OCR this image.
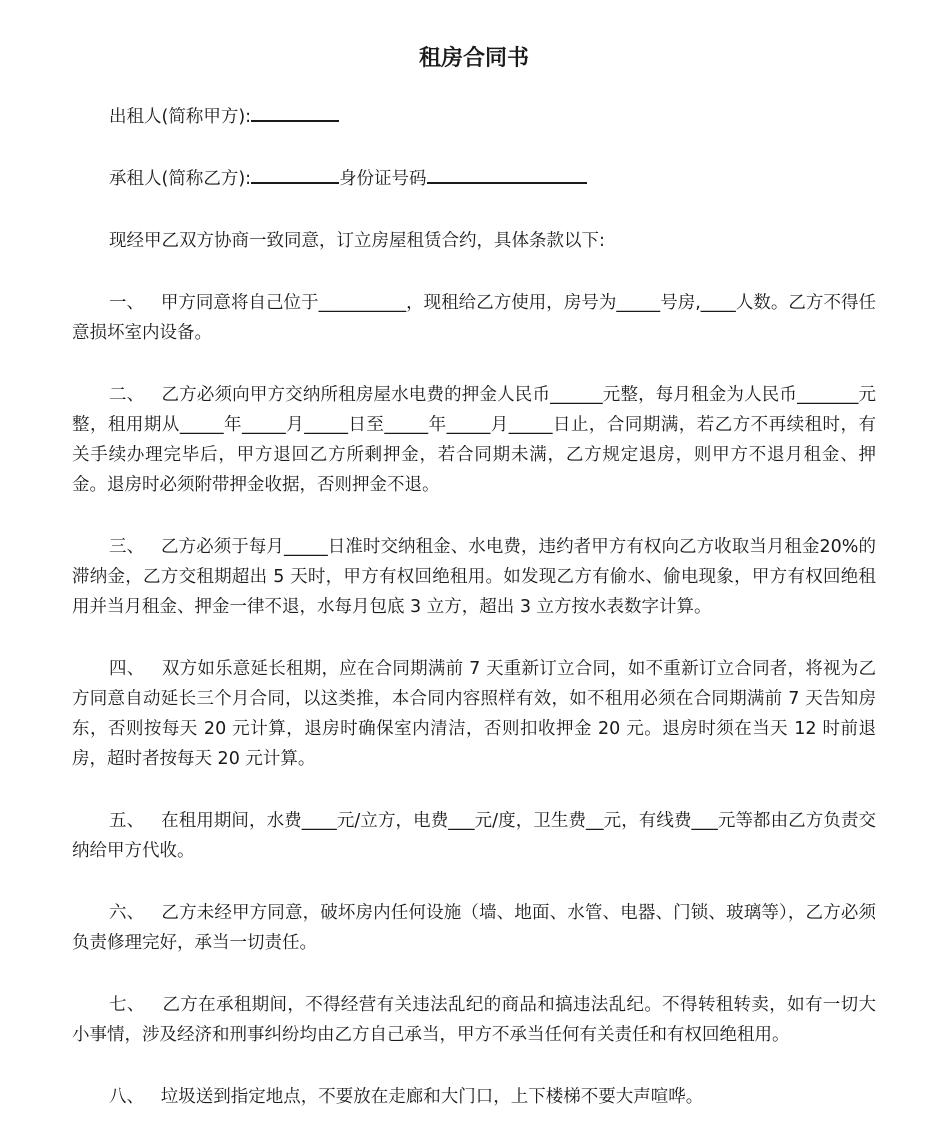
租房合同书

出租人(简称甲方):

承租人(简称乙方):	身份证号码

现经甲乙双方协商一致同意，订立房屋租赁合约，具体条款以下:

一、 甲方同意将自己位于__________，现租给乙方使用，房号为_____号房,____人数。乙方不得任意损坏室内设备。

二、 乙方必须向甲方交纳所租房屋水电费的押金人民币______元整，每月租金为人民币_______元整，租用期从_____年_____月_____日至_____年_____月_____日止，合同期满，若乙方不再续租时，有关手续办理完毕后，甲方退回乙方所剩押金，若合同期未满，乙方规定退房，则甲方不退月租金、押金。退房时必须附带押金收据，否则押金不退。

三、 乙方必须于每月_____日准时交纳租金、水电费，违约者甲方有权向乙方收取当月租金20%的滞纳金，乙方交租期超出 5 天时，甲方有权回绝租用。如发现乙方有偷水、偷电现象，甲方有权回绝租用并当月租金、押金一律不退，水每月包底 3 立方，超出 3 立方按水表数字计算。

四、 双方如乐意延长租期，应在合同期满前 7 天重新订立合同，如不重新订立合同者，将视为乙方同意自动延长三个月合同，以这类推，本合同内容照样有效，如不租用必须在合同期满前 7 天告知房东，否则按每天 20 元计算，退房时确保室内清洁，否则扣收押金 20 元。退房时须在当天 12 时前退房，超时者按每天 20 元计算。

五、 在租用期间，水费____元/立方，电费___元/度，卫生费__元，有线费___元等都由乙方负责交纳给甲方代收。

六、 乙方未经甲方同意，破坏房内任何设施（墙、地面、水管、电器、门锁、玻璃等），乙方必须负责修理完好，承当一切责任。

七、 乙方在承租期间，不得经营有关违法乱纪的商品和搞违法乱纪。不得转租转卖，如有一切大小事情，涉及经济和刑事纠纷均由乙方自己承当，甲方不承当任何有关责任和有权回绝租用。

八、 垃圾送到指定地点，不要放在走廊和大门口，上下楼梯不要大声喧哗。
